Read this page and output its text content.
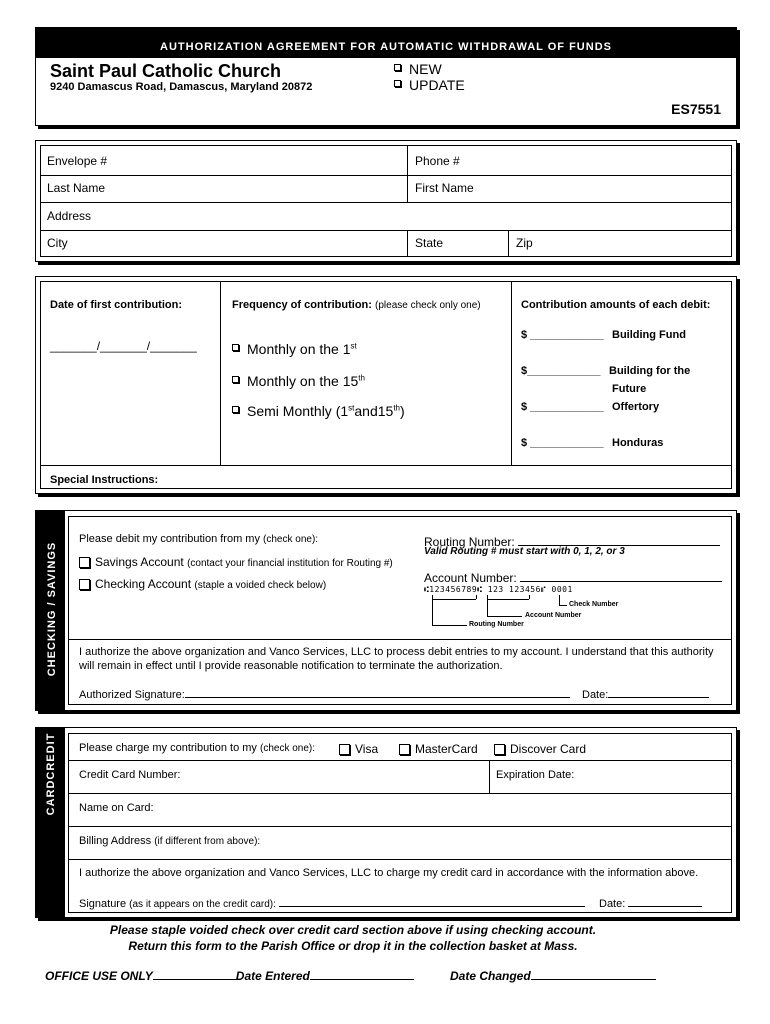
AUTHORIZATION AGREEMENT FOR AUTOMATIC WITHDRAWAL OF FUNDS
Saint Paul Catholic Church
9240 Damascus Road, Damascus, Maryland 20872
NEW
UPDATE
ES7551
Envelope #	Phone #
Last Name	First Name
Address
City	State	Zip
Date of first contribution:
_______/_______/_______
Frequency of contribution: (please check only one)
Monthly on the 1st
Monthly on the 15th
Semi Monthly (1stand15th)
Contribution amounts of each debit:
$ ____________ Building Fund
$____________ Building for the
Future
$ ____________ Offertory
$ ____________ Honduras
Special Instructions:
CHECKING / SAVINGS
Please debit my contribution from my (check one):
Savings Account (contact your financial institution for Routing #)
Checking Account (staple a voided check below)
Routing Number:
Valid Routing # must start with 0, 1, 2, or 3
Account Number:
⑆123456789⑆ 123 123456⑈ 0001
Check Number
Account Number
Routing Number
I authorize the above organization and Vanco Services, LLC to process debit entries to my account. I understand that this authority will remain in effect until I provide reasonable notification to terminate the authorization.
Authorized Signature:	Date:
CARDCREDIT Please charge my contribution to my (check one):	Visa	MasterCard	Discover Card
Credit Card Number:	Expiration Date:
Name on Card:
Billing Address (if different from above):
I authorize the above organization and Vanco Services, LLC to charge my credit card in accordance with the information above.
Signature (as it appears on the credit card):	Date:
Please staple voided check over credit card section above if using checking account.
Return this form to the Parish Office or drop it in the collection basket at Mass.
OFFICE USE ONLY	Date Entered	Date Changed
